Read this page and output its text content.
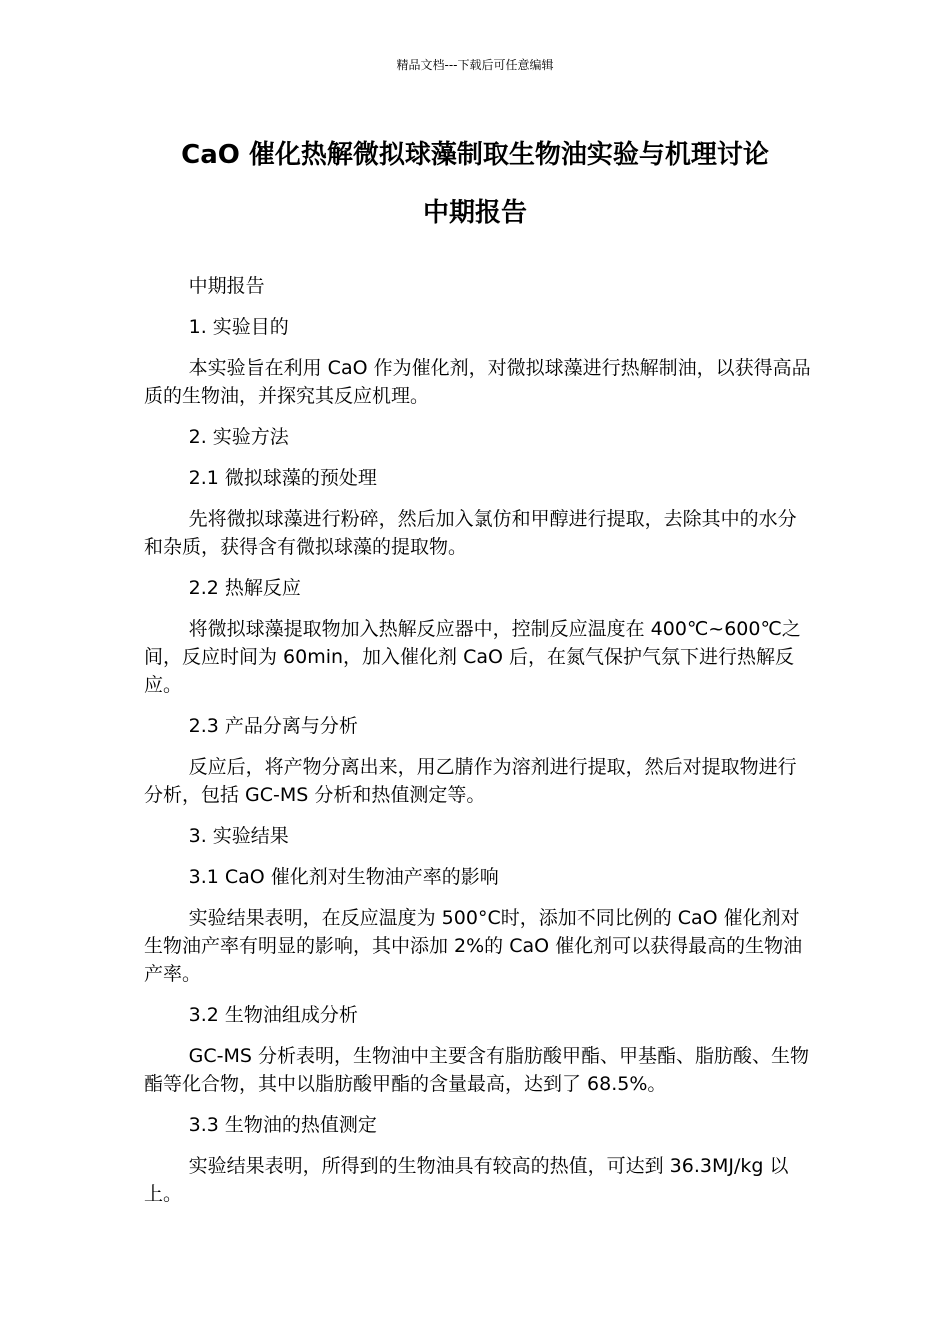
精品文档---下载后可任意编辑
CaO 催化热解微拟球藻制取生物油实验与机理讨论
中期报告

中期报告

1. 实验目的

本实验旨在利用 CaO 作为催化剂，对微拟球藻进行热解制油，以获得高品质的生物油，并探究其反应机理。

2. 实验方法

2.1 微拟球藻的预处理

先将微拟球藻进行粉碎，然后加入氯仿和甲醇进行提取，去除其中的水分和杂质，获得含有微拟球藻的提取物。

2.2 热解反应

将微拟球藻提取物加入热解反应器中，控制反应温度在 400℃~600℃之间，反应时间为 60min，加入催化剂 CaO 后，在氮气保护气氛下进行热解反应。

2.3 产品分离与分析

反应后，将产物分离出来，用乙腈作为溶剂进行提取，然后对提取物进行分析，包括 GC-MS 分析和热值测定等。

3. 实验结果

3.1 CaO 催化剂对生物油产率的影响

实验结果表明，在反应温度为 500°C时，添加不同比例的 CaO 催化剂对生物油产率有明显的影响，其中添加 2%的 CaO 催化剂可以获得最高的生物油产率。

3.2 生物油组成分析

GC-MS 分析表明，生物油中主要含有脂肪酸甲酯、甲基酯、脂肪酸、生物酯等化合物，其中以脂肪酸甲酯的含量最高，达到了 68.5%。

3.3 生物油的热值测定

实验结果表明，所得到的生物油具有较高的热值，可达到 36.3MJ/kg 以上。
